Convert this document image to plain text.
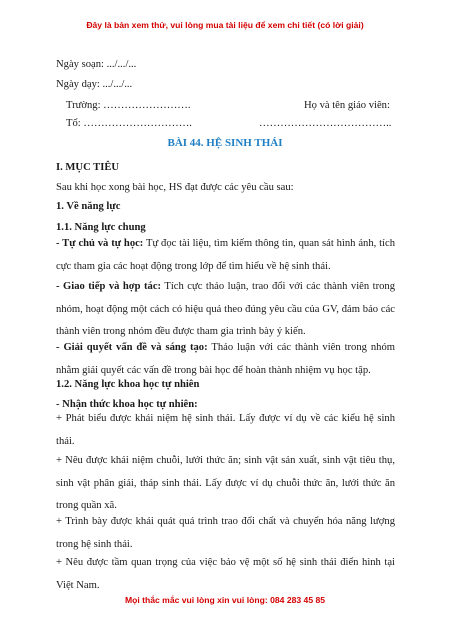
Đây là bản xem thử, vui lòng mua tài liệu để xem chi tiết (có lời giải)
Ngày soạn: .../.../...
Ngày dạy: .../.../...
Trường: …………………….	Họ và tên giáo viên:
Tổ: ………………………….	………………………………..
BÀI 44. HỆ SINH THÁI
I. MỤC TIÊU
Sau khi học xong bài học, HS đạt được các yêu cầu sau:
1. Về năng lực
1.1. Năng lực chung
- Tự chủ và tự học: Tự đọc tài liệu, tìm kiếm thông tin, quan sát hình ảnh, tích cực tham gia các hoạt động trong lớp để tìm hiểu về hệ sinh thái.
- Giao tiếp và hợp tác: Tích cực thảo luận, trao đổi với các thành viên trong nhóm, hoạt động một cách có hiệu quả theo đúng yêu cầu của GV, đảm bảo các thành viên trong nhóm đều được tham gia trình bày ý kiến.
- Giải quyết vấn đề và sáng tạo: Thảo luận với các thành viên trong nhóm nhằm giải quyết các vấn đề trong bài học để hoàn thành nhiệm vụ học tập.
1.2. Năng lực khoa học tự nhiên
- Nhận thức khoa học tự nhiên:
+ Phát biểu được khái niệm hệ sinh thái. Lấy được ví dụ về các kiểu hệ sinh thái.
+ Nêu được khái niệm chuỗi, lưới thức ăn; sinh vật sản xuất, sinh vật tiêu thụ, sinh vật phân giải, tháp sinh thái. Lấy được ví dụ chuỗi thức ăn, lưới thức ăn trong quần xã.
+ Trình bày được khái quát quá trình trao đổi chất và chuyển hóa năng lượng trong hệ sinh thái.
+ Nêu được tầm quan trọng của việc bảo vệ một số hệ sinh thái điển hình tại Việt Nam.
Mọi thắc mắc vui lòng xin vui lòng: 084 283 45 85
